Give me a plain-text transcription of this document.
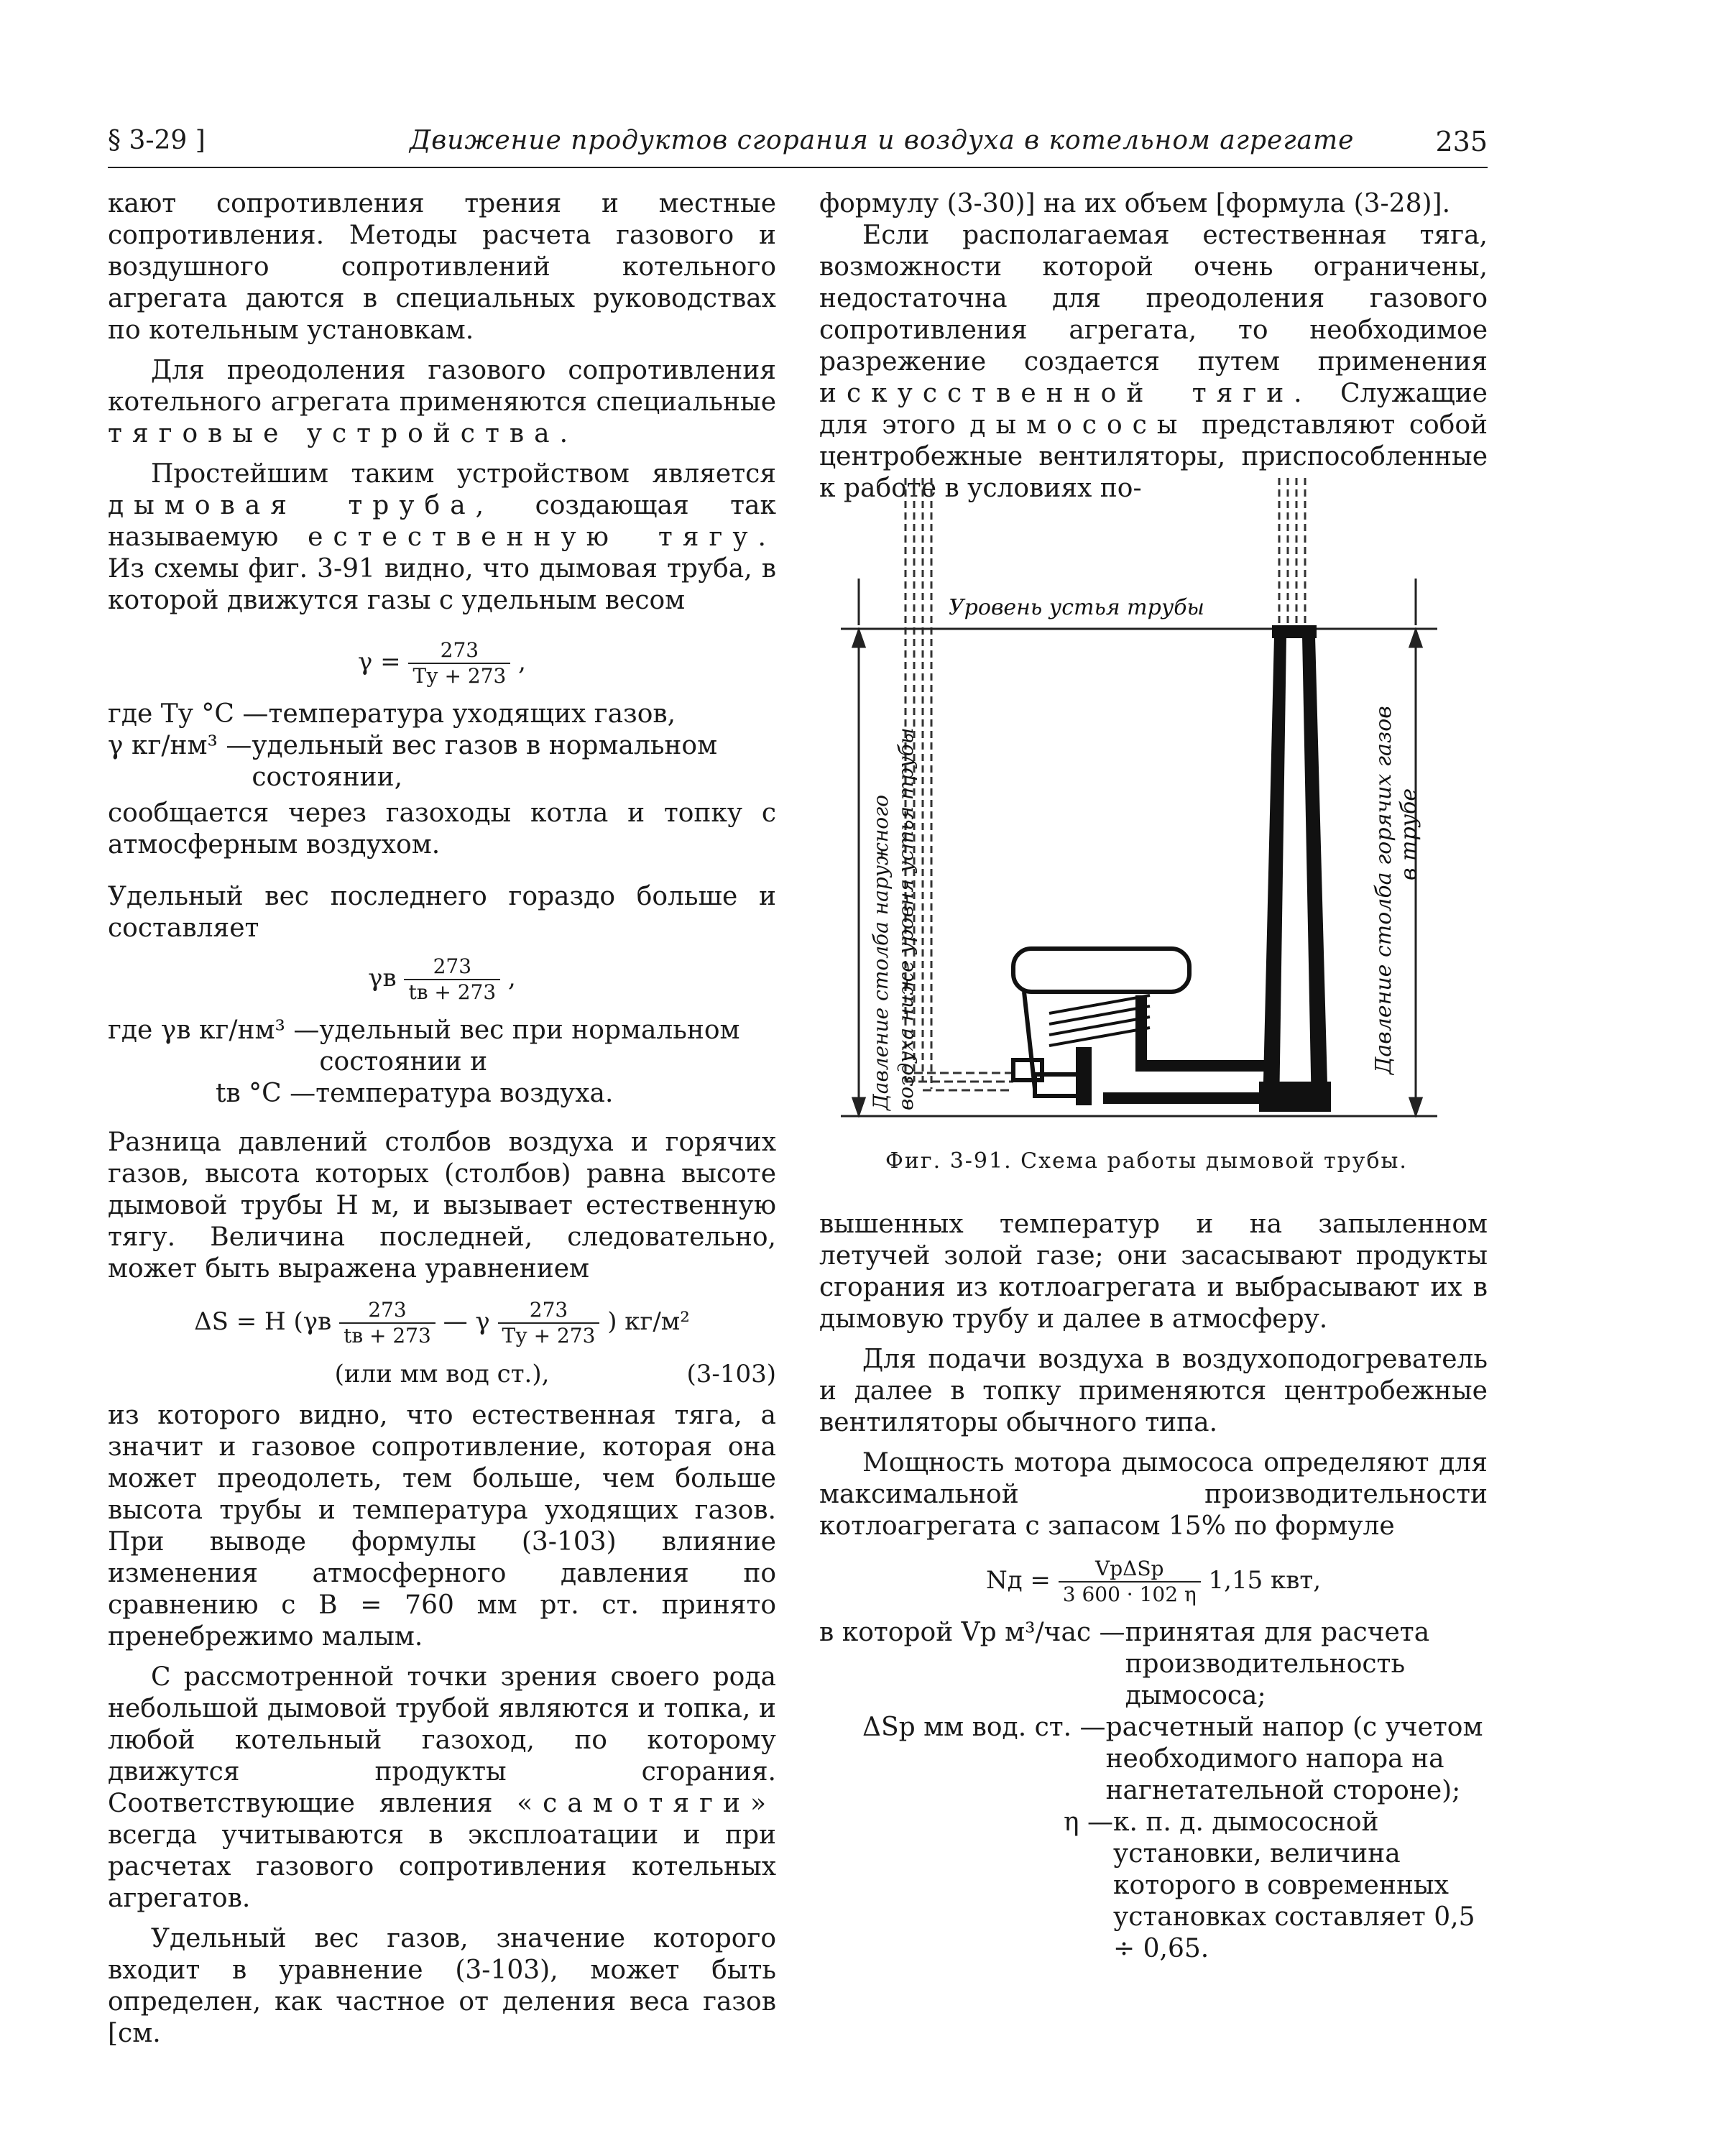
§ 3-29 ]	Движение продуктов сгорания и воздуха в котельном агрегате	235

кают сопротивления трения и местные сопротивления. Методы расчета газового и воздушного сопротивлений котельного агрегата даются в специальных руководствах по котельным установкам.

Для преодоления газового сопротивления котельного агрегата применяются специальные тяговые устройства.

Простейшим таким устройством является дымовая труба, создающая так называемую естественную тягу. Из схемы фиг. 3-91 видно, что дымовая труба, в которой движутся газы с удельным весом

$\gamma = \frac{273}{Tу + 273}$ ,
где Tу °C — температура уходящих газов,
γ кг/нм³ — удельный вес газов в нормальном состоянии,

сообщается через газоходы котла и топку с атмосферным воздухом.

Удельный вес последнего гораздо больше и составляет

γв $\frac{273}{tв + 273}$ ,
где γв кг/нм³ — удельный вес при нормальном состоянии и
tв °C — температура воздуха.

Разница давлений столбов воздуха и горячих газов, высота которых (столбов) равна высоте дымовой трубы H м, и вызывает естественную тягу. Величина последней, следовательно, может быть выражена уравнением

ΔS = H ($\gamma в \frac{273}{tв + 273}$ — γ $\frac{273}{Tу + 273}$ ) кг/м²
(или мм вод ст.),	(3-103)

из которого видно, что естественная тяга, а значит и газовое сопротивление, которая она может преодолеть, тем больше, чем больше высота трубы и температура уходящих газов. При выводе формулы (3-103) влияние изменения атмосферного давления по сравнению с B = 760 мм рт. ст. принято пренебрежимо малым.

С рассмотренной точки зрения своего рода небольшой дымовой трубой являются и топка, и любой котельный газоход, по которому движутся продукты сгорания. Соответствующие явления «самотяги» всегда учитываются в эксплоатации и при расчетах газового сопротивления котельных агрегатов.

Удельный вес газов, значение которого входит в уравнение (3-103), может быть определен, как частное от деления веса газов [см.

формулу (3-30)] на их объем [формула (3-28)].

Если располагаемая естественная тяга, возможности которой очень ограничены, недостаточна для преодоления газового сопротивления агрегата, то необходимое разрежение создается путем применения искусственной тяги. Служащие для этого дымососы представляют собой центробежные вентиляторы, приспособленные к работе в условиях по-

Уровень устья трубы
Давление столба наружного воздуха ниже уровня устья трубы	Давление столба горячих газов в трубе
Фиг. 3-91. Схема работы дымовой трубы.

вышенных температур и на запыленном летучей золой газе; они засасывают продукты сгорания из котлоагрегата и выбрасывают их в дымовую трубу и далее в атмосферу.

Для подачи воздуха в воздухоподогреватель и далее в топку применяются центробежные вентиляторы обычного типа.

Мощность мотора дымососа определяют для максимальной производительности котлоагрегата с запасом 15% по формуле

Nд = $\frac{\text{VpΔSp}}{3 600 \cdot 102 \eta} 1,15$ квт,
в которой Vp м³/час — принятая для расчета производительность дымососа;
ΔSp мм вод. ст. — расчетный напор (с учетом необходимого напора на нагнетательной стороне);
η — к. п. д. дымососной установки, величина которого в современных установках составляет 0,5 ÷ 0,65.
